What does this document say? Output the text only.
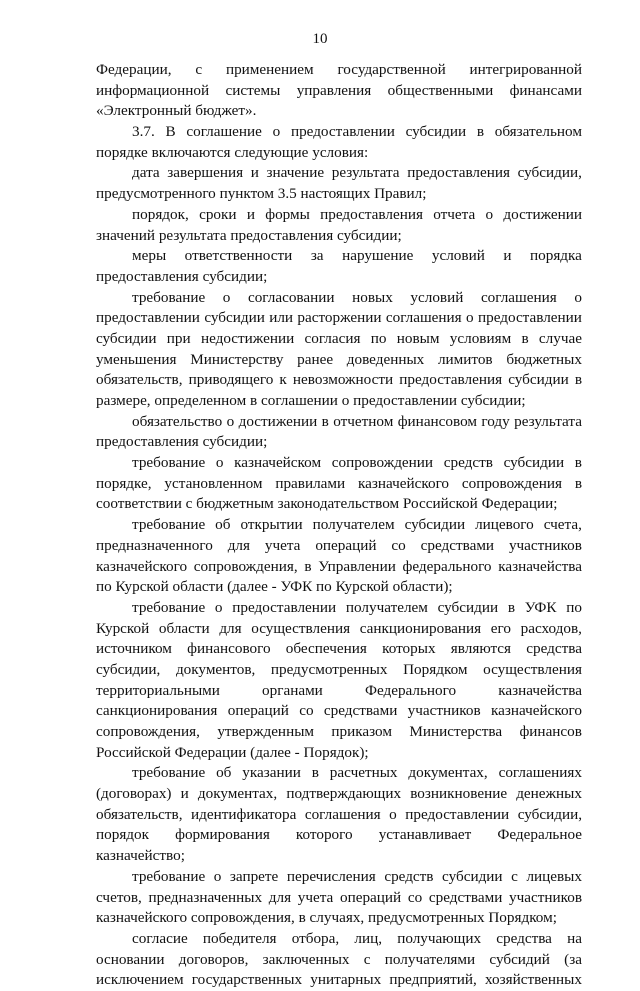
10
Федерации, с применением государственной интегрированной
информационной системы управления общественными финансами
«Электронный бюджет».
3.7. В соглашение о предоставлении субсидии в обязательном
порядке включаются следующие условия:
дата завершения и значение результата предоставления субсидии,
предусмотренного пунктом 3.5 настоящих Правил;
порядок, сроки и формы предоставления отчета о достижении
значений результата предоставления субсидии;
меры ответственности за нарушение условий и порядка
предоставления субсидии;
требование о согласовании новых условий соглашения о
предоставлении субсидии или расторжении соглашения о предоставлении
субсидии при недостижении согласия по новым условиям в случае
уменьшения Министерству ранее доведенных лимитов бюджетных
обязательств, приводящего к невозможности предоставления субсидии в
размере, определенном в соглашении о предоставлении субсидии;
обязательство о достижении в отчетном финансовом году результата
предоставления субсидии;
требование о казначейском сопровождении средств субсидии в
порядке, установленном правилами казначейского сопровождения в
соответствии с бюджетным законодательством Российской Федерации;
требование об открытии получателем субсидии лицевого счета,
предназначенного для учета операций со средствами участников
казначейского сопровождения, в Управлении федерального казначейства
по Курской области (далее - УФК по Курской области);
требование о предоставлении получателем субсидии в УФК по
Курской области для осуществления санкционирования его расходов,
источником финансового обеспечения которых являются средства
субсидии, документов, предусмотренных Порядком осуществления
территориальными	органами	Федерального	казначейства
санкционирования операций со средствами участников казначейского
сопровождения, утвержденным приказом Министерства финансов
Российской Федерации (далее - Порядок);
требование об указании в расчетных документах, соглашениях
(договорах) и документах, подтверждающих возникновение денежных
обязательств, идентификатора соглашения о предоставлении субсидии,
порядок формирования которого устанавливает Федеральное
казначейство;
требование о запрете перечисления средств субсидии с лицевых
счетов, предназначенных для учета операций со средствами участников
казначейского сопровождения, в случаях, предусмотренных Порядком;
согласие победителя отбора, лиц, получающих средства на
основании договоров, заключенных с получателями субсидий (за
исключением государственных унитарных предприятий, хозяйственных
